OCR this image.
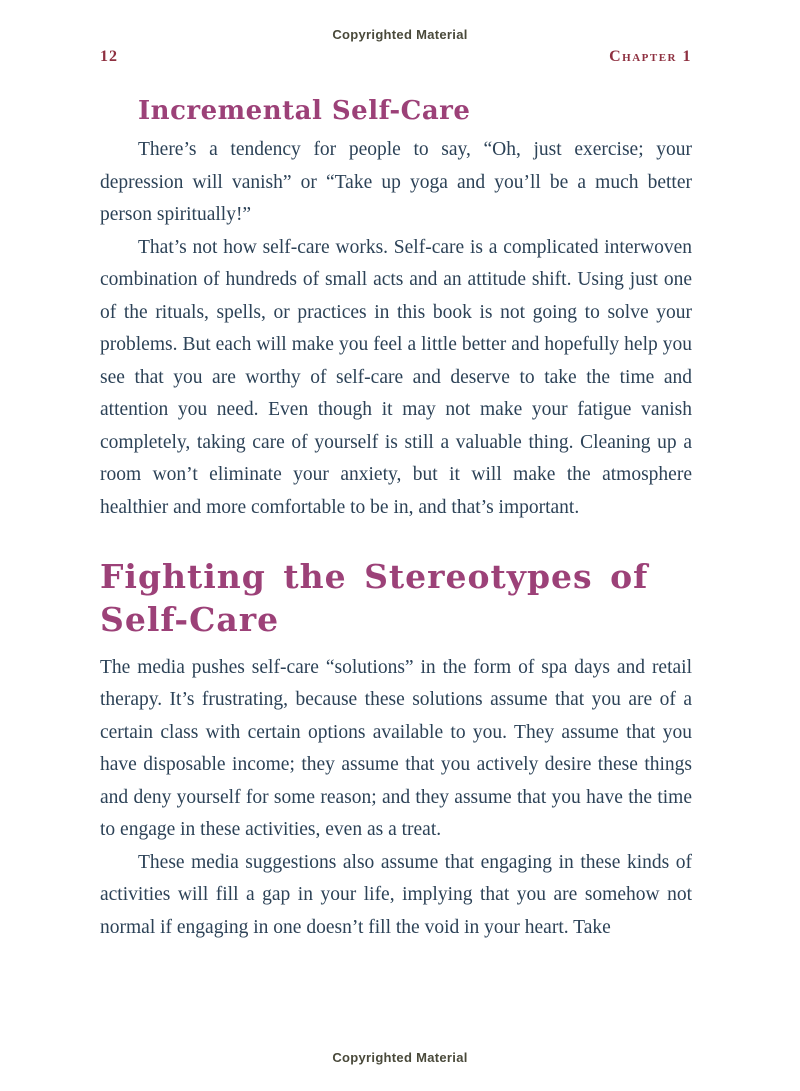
Copyrighted Material
12	Chapter 1
Incremental Self-Care

There’s a tendency for people to say, “Oh, just exercise; your depression will vanish” or “Take up yoga and you’ll be a much better person spiritually!”

That’s not how self-care works. Self-care is a complicated interwoven combination of hundreds of small acts and an attitude shift. Using just one of the rituals, spells, or practices in this book is not going to solve your problems. But each will make you feel a little better and hopefully help you see that you are worthy of self-care and deserve to take the time and attention you need. Even though it may not make your fatigue vanish completely, taking care of yourself is still a valuable thing. Cleaning up a room won’t eliminate your anxiety, but it will make the atmosphere healthier and more comfortable to be in, and that’s important.

Fighting the Stereotypes of Self-Care

The media pushes self-care “solutions” in the form of spa days and retail therapy. It’s frustrating, because these solutions assume that you are of a certain class with certain options available to you. They assume that you have disposable income; they assume that you actively desire these things and deny yourself for some reason; and they assume that you have the time to engage in these activities, even as a treat.

These media suggestions also assume that engaging in these kinds of activities will fill a gap in your life, implying that you are somehow not normal if engaging in one doesn’t fill the void in your heart. Take

Copyrighted Material
